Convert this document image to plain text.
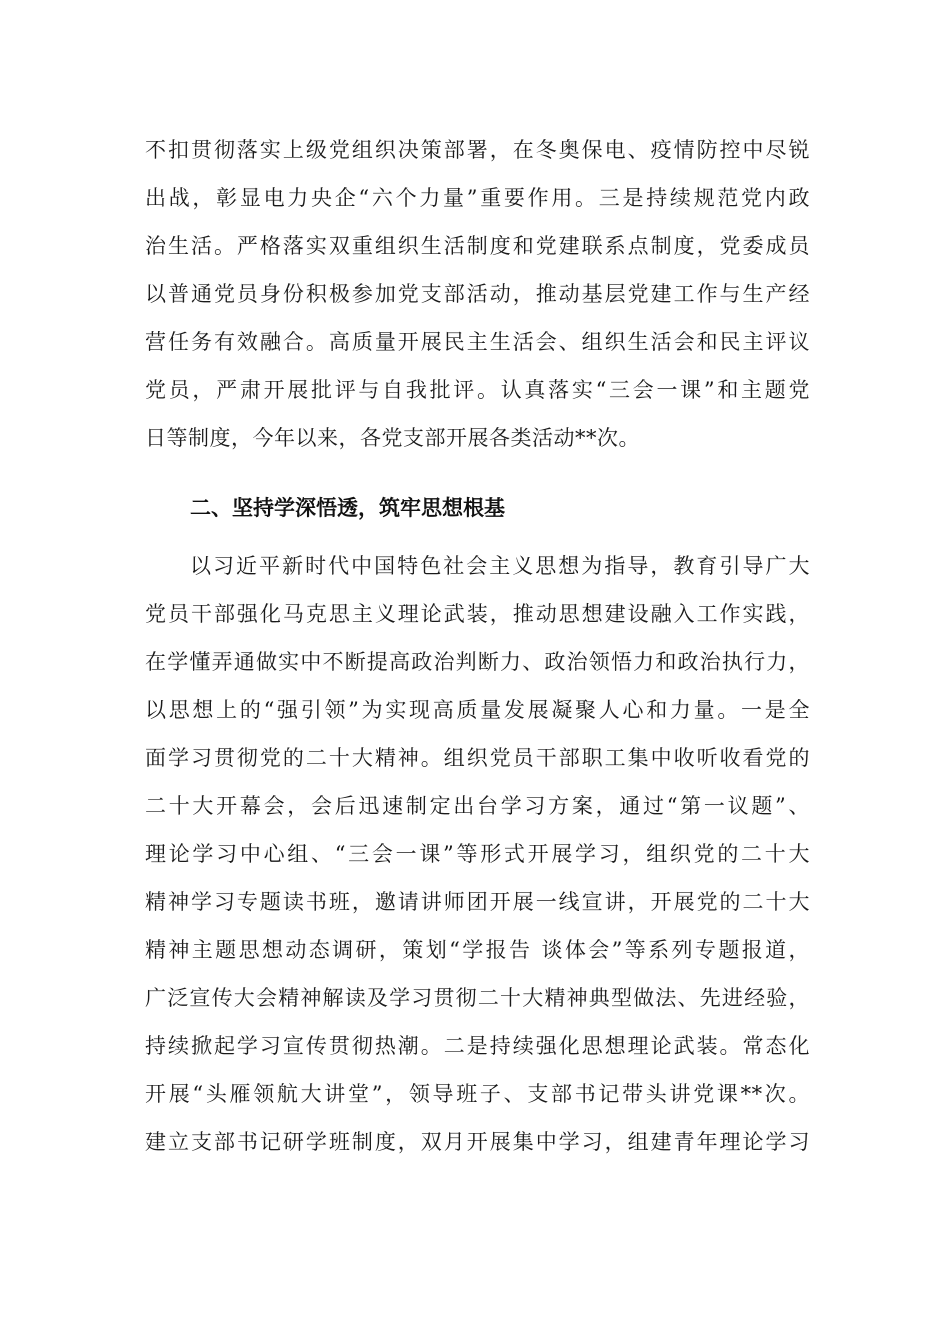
不扣贯彻落实上级党组织决策部署，在冬奥保电、疫情防控中尽锐
出战，彰显电力央企“六个力量”重要作用。三是持续规范党内政
治生活。严格落实双重组织生活制度和党建联系点制度，党委成员
以普通党员身份积极参加党支部活动，推动基层党建工作与生产经
营任务有效融合。高质量开展民主生活会、组织生活会和民主评议
党员，严肃开展批评与自我批评。认真落实“三会一课”和主题党
日等制度，今年以来，各党支部开展各类活动**次。
二、坚持学深悟透，筑牢思想根基
以习近平新时代中国特色社会主义思想为指导，教育引导广大
党员干部强化马克思主义理论武装，推动思想建设融入工作实践，
在学懂弄通做实中不断提高政治判断力、政治领悟力和政治执行力，
以思想上的“强引领”为实现高质量发展凝聚人心和力量。一是全
面学习贯彻党的二十大精神。组织党员干部职工集中收听收看党的
二十大开幕会，会后迅速制定出台学习方案，通过“第一议题”、
理论学习中心组、“三会一课”等形式开展学习，组织党的二十大
精神学习专题读书班，邀请讲师团开展一线宣讲，开展党的二十大
精神主题思想动态调研，策划“学报告 谈体会”等系列专题报道，
广泛宣传大会精神解读及学习贯彻二十大精神典型做法、先进经验，
持续掀起学习宣传贯彻热潮。二是持续强化思想理论武装。常态化
开展“头雁领航大讲堂”，领导班子、支部书记带头讲党课**次。
建立支部书记研学班制度，双月开展集中学习，组建青年理论学习
